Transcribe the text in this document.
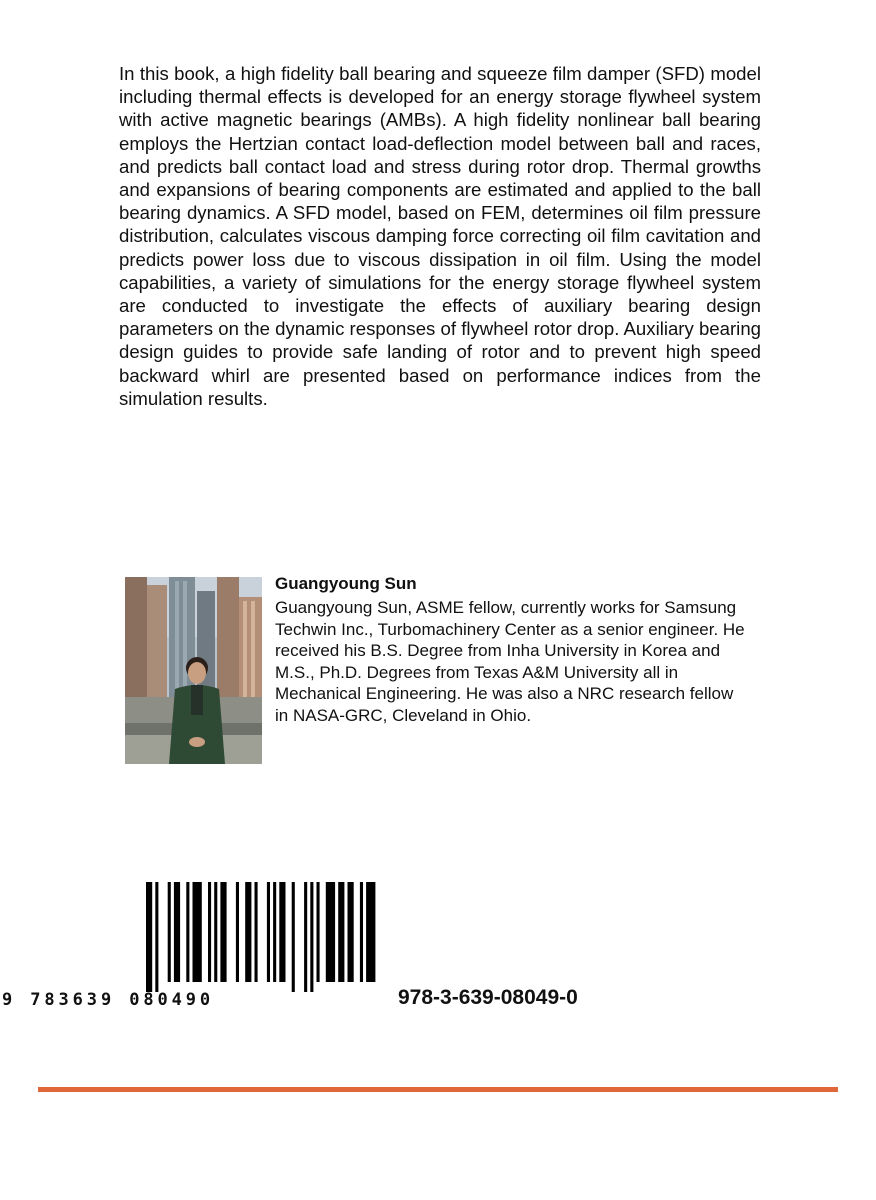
In this book, a high fidelity ball bearing and squeeze film damper (SFD) model including thermal effects is developed for an energy storage flywheel system with active magnetic bearings (AMBs). A high fidelity nonlinear ball bearing employs the Hertzian contact load-deflection model between ball and races, and predicts ball contact load and stress during rotor drop. Thermal growths and expansions of bearing components are estimated and applied to the ball bearing dynamics. A SFD model, based on FEM, determines oil film pressure distribution, calculates viscous damping force correcting oil film cavitation and predicts power loss due to viscous dissipation in oil film. Using the model capabilities, a variety of simulations for the energy storage flywheel system are conducted to investigate the effects of auxiliary bearing design parameters on the dynamic responses of flywheel rotor drop. Auxiliary bearing design guides to provide safe landing of rotor and to prevent high speed backward whirl are presented based on performance indices from the simulation results.

Guangyoung Sun

Guangyoung Sun, ASME fellow, currently works for Samsung Techwin Inc., Turbomachinery Center as a senior engineer. He received his B.S. Degree from Inha University in Korea and M.S., Ph.D. Degrees from Texas A&M University all in Mechanical Engineering. He was also a NRC research fellow in NASA-GRC, Cleveland in Ohio.

9 783639 080490	978-3-639-08049-0
